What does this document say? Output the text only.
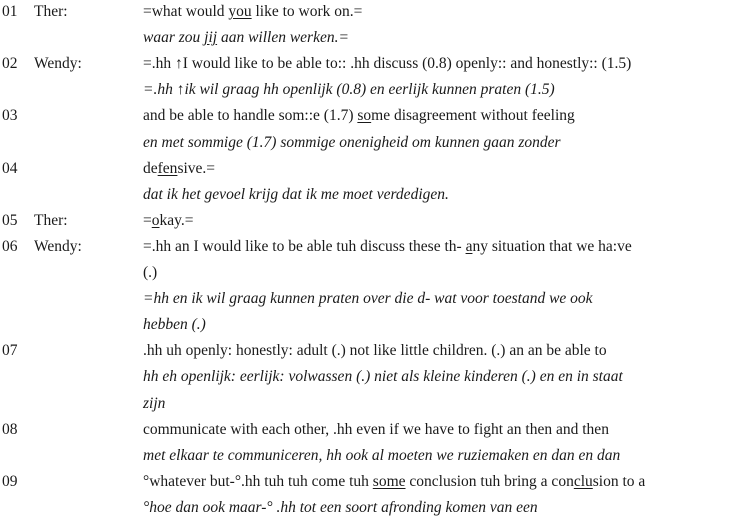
01 Ther:	=what would you like to work on.=
waar zou jij aan willen werken.=
02 Wendy:	=.hh ↑I would like to be able to:: .hh discuss (0.8) openly:: and honestly:: (1.5)
=.hh ↑ik wil graag hh openlijk (0.8) en eerlijk kunnen praten (1.5)
03	and be able to handle som::e (1.7) some disagreement without feeling
en met sommige (1.7) sommige onenigheid om kunnen gaan zonder
04	defensive.=
dat ik het gevoel krijg dat ik me moet verdedigen.
05 Ther:	=okay.=
06 Wendy:	=.hh an I would like to be able tuh discuss these th- any situation that we ha:ve
(.)
=hh en ik wil graag kunnen praten over die d- wat voor toestand we ook
hebben (.)
07	.hh uh openly: honestly: adult (.) not like little children. (.) an an be able to
hh eh openlijk: eerlijk: volwassen (.) niet als kleine kinderen (.) en en in staat
zijn
08	communicate with each other, .hh even if we have to fight an then and then
met elkaar te communiceren, hh ook al moeten we ruziemaken en dan en dan
09	°whatever but-°.hh tuh tuh come tuh some conclusion tuh bring a conclusion to a
°hoe dan ook maar-° .hh tot een soort afronding komen van een
